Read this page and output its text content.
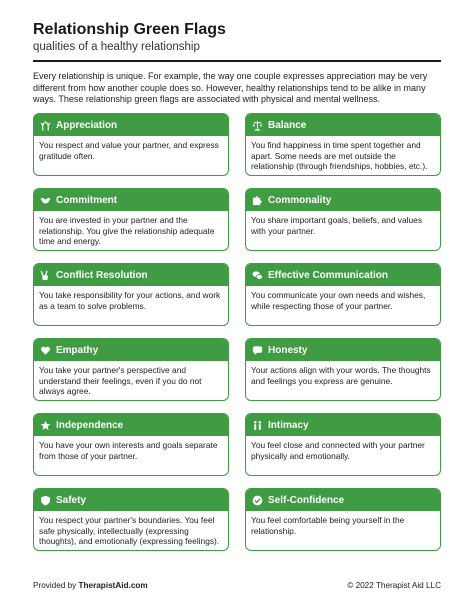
Relationship Green Flags
qualities of a healthy relationship

Every relationship is unique. For example, the way one couple expresses appreciation may be very different from how another couple does so. However, healthy relationships tend to be alike in many ways. These relationship green flags are associated with physical and mental wellness.

Appreciation
You respect and value your partner, and express gratitude often.
Balance
You find happiness in time spent together and apart. Some needs are met outside the relationship (through friendships, hobbies, etc.).
Commitment
You are invested in your partner and the relationship. You give the relationship adequate time and energy.
Commonality
You share important goals, beliefs, and values with your partner.
Conflict Resolution
You take responsibility for your actions, and work as a team to solve problems.
Effective Communication
You communicate your own needs and wishes, while respecting those of your partner.
Empathy
You take your partner's perspective and understand their feelings, even if you do not always agree.
Honesty
Your actions align with your words. The thoughts and feelings you express are genuine.
Independence
You have your own interests and goals separate from those of your partner.
Intimacy
You feel close and connected with your partner physically and emotionally.
Safety
You respect your partner's boundaries. You feel safe physically, intellectually (expressing thoughts), and emotionally (expressing feelings).
Self-Confidence
You feel comfortable being yourself in the relationship.
Provided by TherapistAid.com	© 2022 Therapist Aid LLC
